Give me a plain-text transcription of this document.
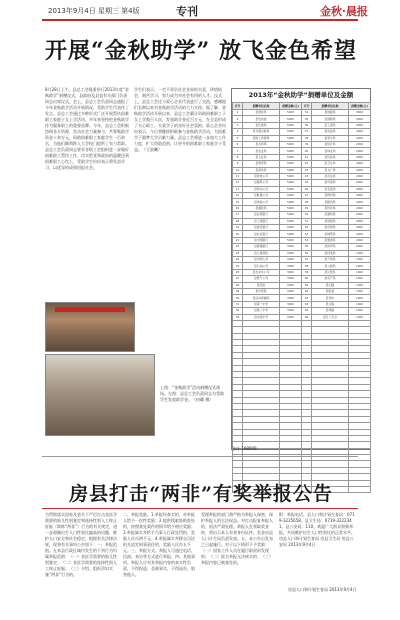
2013年9月4日 星期三 第4版	专刊	金秋·晨报
开展“金秋助学” 放飞金色希望
8月28日上午，县总工会隆重举行2013年度“金秋助学”捐赠仪式，县政府及县直有关部门负责同志出席仪式。会上，县总工会负责同志通报了今年金秋助学活动开展情况，受助学生代表作了发言。县总工会通过多种形式广泛开展帮扶困难职工家庭子女上学活动，多年来坚持把金秋助学作为服务职工的重要品牌。今年，县总工会积极协调各方资源，发动社会力量参与，共筹集助学资金十余万元，资助困难职工家庭学生一百余名，为他们顺利跨入大学校门提供了有力帮助。县总工会负责同志要求各级工会组织进一步做好困难职工帮扶工作，切实把党和政府的温暖送到困难职工心坎上，受助学生纷纷表示将发奋学习，以优异的成绩回报社会。
学生们表示，一定不辜负社会各界的关爱，珍惜机会，刻苦学习，努力成为对社会有用的人才。仪式上，县总工会还与爱心企业代表进行了交流，感谢他们长期以来对金秋助学活动的大力支持。据了解，金秋助学活动开展以来，县总工会累计资助困难职工子女上学数百人次，发放助学金近百万元，在全县形成了关心职工、关爱学子的良好社会氛围。爱心企业纷纷表示，今后将继续积极参与金秋助学活动，为困难学子圆梦大学贡献力量。县总工会将进一步加大工作力度，扩大资助范围，让更多的困难职工家庭学子受益。（王晨曦）
上图：“金秋助学”活动捐赠仪式现场。左图：县总工会负责同志为受助学生发放助学金。（何璐 摄）
2013年“金秋助学”捐赠单位及金额
序号	捐赠单位名称	捐赠金额(元)	序号	捐赠单位名称	捐赠金额(元)
1	县财政局	5000	34	县地税局	3000
2	县发改委	5000	35	县国税局	3000
3	县住建局	5000	36	县工商局	2000
4	县交通运输局	5000	37	县质监局	2000
5	县国土资源局	5000	38	县审计局	2000
6	县水利局	5000	39	县统计局	2000
7	县农业局	5000	40	县林业局	2000
8	县人社局	5000	41	县民政局	2000
9	县教育局	5000	42	县卫生局	2000
10	县商务局	5000	43	县文广局	2000
11	县供电公司	5000	44	县司法局	2000
12	县烟草公司	5000	45	县环保局	2000
13	县移动公司	5000	46	县安监局	2000
14	县联通公司	5000	47	县物价局	2000
15	县电信公司	5000	48	县粮食局	2000
16	县邮政局	5000	49	县科技局	2000
17	县农商银行	5000	50	县畜牧局	2000
18	县工商银行	5000	51	县规划局	2000
19	县建设银行	5000	52	县房管局	2000
20	县农业银行	5000	53	县城管局	2000
21	县中国银行	5000	54	县旅游局	2000
22	县邮储银行	3000	55	县体育局	2000
23	县人保财险	3000	56	县档案局	1000
24	县中国人寿	3000	57	县气象局	1000
25	县石油公司	3000	58	县公路局	1000
26	县自来水公司	3000	59	县运管所	1000
27	县燃气公司	3000	60	县房产局	1000
28	县医院	3000	61	县妇联	1000
29	县中医院	3000	62	团县委	1000
30	县妇幼保健院	3000	63	县科协	1000
31	县第一中学	3000	64	县文联	1000
32	县第二中学	3000	65	县残联	1000
33	县实验中学	3000	66	县红十字会	1000

合计 168000
房县打击“两非”有奖举报公告
为贯彻落实国家及省关于严厉打击非医学需要的胎儿性别鉴定和选择性别人工终止妊娠（简称“两非”）行为的有关规定，进一步遏制出生人口性别比偏高的问题，维护人口安全和社会稳定，根据有关法律法规，现将有关事项公告如下：一、举报范围。在本县行政区域内发生的下列行为均属举报范围：（一）非医学需要的胎儿性别鉴定；（二）非医学需要的选择性别人工终止妊娠；（三）介绍、组织孕妇实施“两非”行为的。
二、举报奖励。1.举报经查实的，对举报人给予一次性奖励；2.提供线索协助查处的，按照查处案件的情节给予相应奖励；3.举报属实并给予当事人行政处罚的，奖励人民币两千元；4.举报属实并移交司法机关追究刑事责任的，奖励人民币五千元。三、举报方式。举报人可通过电话、信函、来访等方式进行举报。四、其他事项。举报人应对其举报内容的真实性负责，不得捏造、歪曲事实，不得诬告、陷害他人。
受理举报的部门将严格为举报人保密，保护举报人的合法权益。对打击报复举报人的，依法严肃处理。举报人在领取奖金时，须出示本人有效身份证件。奖金由县人口计生局负责发放。五、本公告自发布之日起施行。对于以下情形不予奖励：（一）国家工作人员在履行职责时发现的；（二）匿名举报无法核实的；（三）举报内容已被查处的。
附：举报电话。县人口和计划生育局：0719-3225658。县卫生局：0719-3222341。县公安局：110。欢迎广大群众积极举报，共同维护出生人口性别比的正常水平。房县人口和计划生育局 房县卫生局 房县公安局 2013年9月4日
房县人口和计划生育局 2013年9月4日
